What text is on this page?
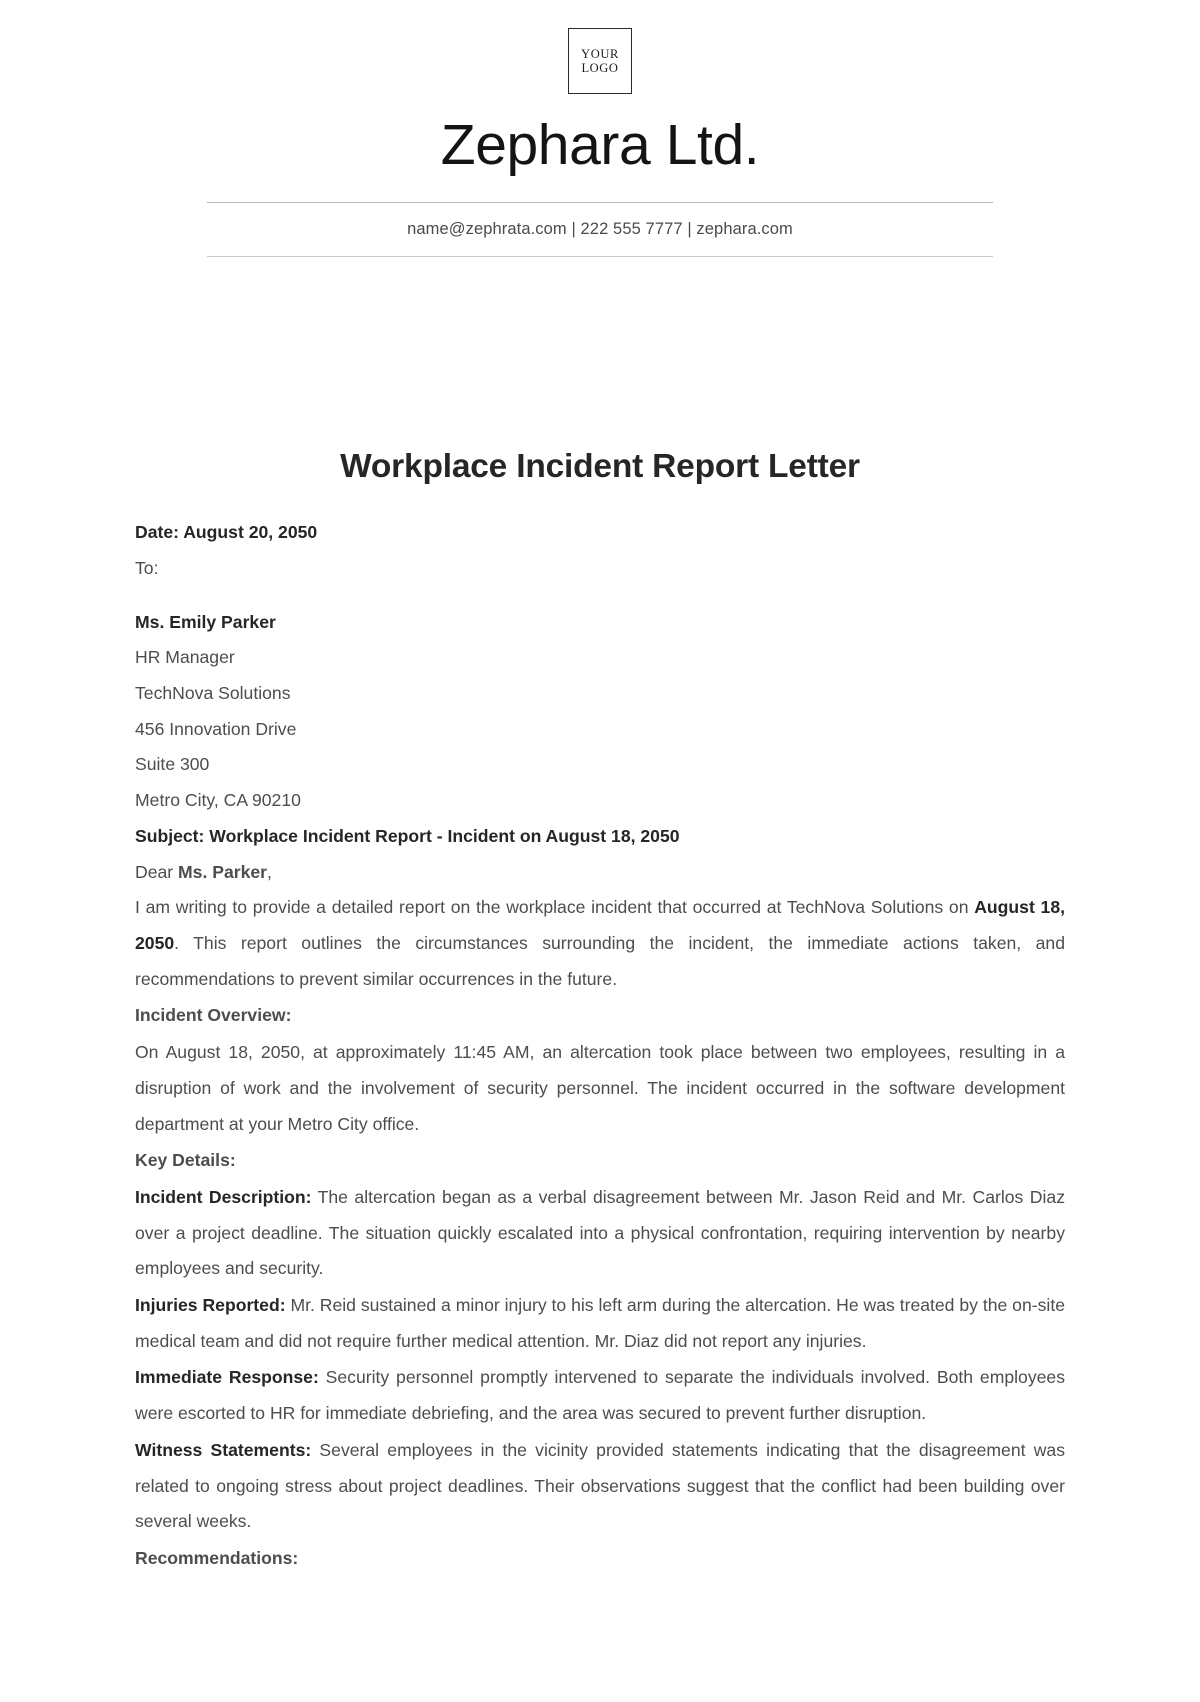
YOUR
LOGO
Zephara Ltd.
name@zephrata.com | 222 555 7777 | zephara.com
Workplace Incident Report Letter

Date: August 20, 2050

To:

Ms. Emily Parker

HR Manager

TechNova Solutions

456 Innovation Drive

Suite 300

Metro City, CA 90210

Subject: Workplace Incident Report - Incident on August 18, 2050

Dear Ms. Parker,

I am writing to provide a detailed report on the workplace incident that occurred at TechNova Solutions on August 18, 2050. This report outlines the circumstances surrounding the incident, the immediate actions taken, and recommendations to prevent similar occurrences in the future.

Incident Overview:

On August 18, 2050, at approximately 11:45 AM, an altercation took place between two employees, resulting in a disruption of work and the involvement of security personnel. The incident occurred in the software development department at your Metro City office.

Key Details:

Incident Description: The altercation began as a verbal disagreement between Mr. Jason Reid and Mr. Carlos Diaz over a project deadline. The situation quickly escalated into a physical confrontation, requiring intervention by nearby employees and security.

Injuries Reported: Mr. Reid sustained a minor injury to his left arm during the altercation. He was treated by the on-site medical team and did not require further medical attention. Mr. Diaz did not report any injuries.

Immediate Response: Security personnel promptly intervened to separate the individuals involved. Both employees were escorted to HR for immediate debriefing, and the area was secured to prevent further disruption.

Witness Statements: Several employees in the vicinity provided statements indicating that the disagreement was related to ongoing stress about project deadlines. Their observations suggest that the conflict had been building over several weeks.

Recommendations:
